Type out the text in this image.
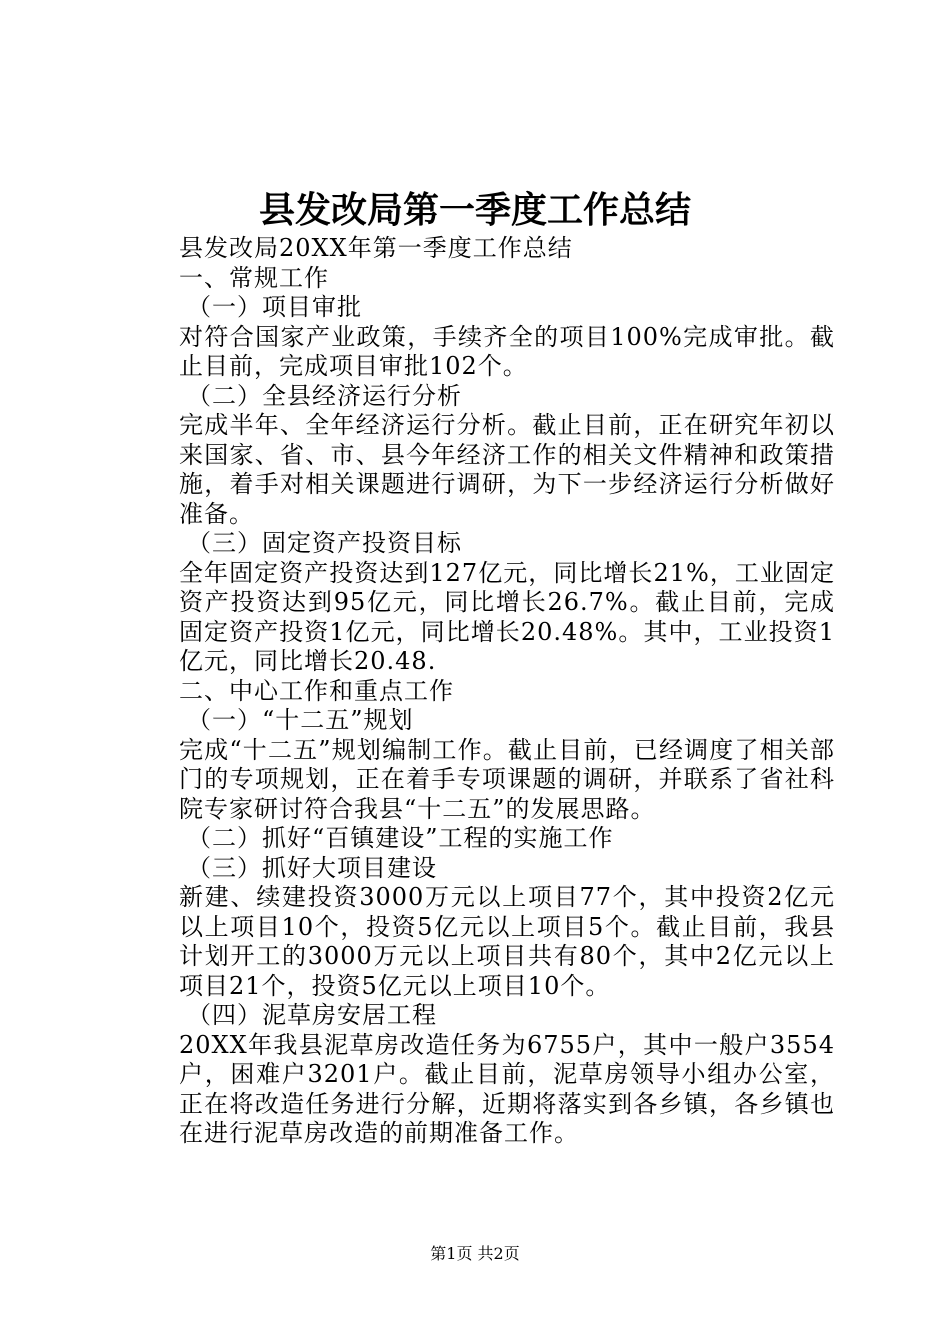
县发改局第一季度工作总结

县发改局20XX年第一季度工作总结

一、常规工作

（一）项目审批

对符合国家产业政策，手续齐全的项目100%完成审批。截止目前，完成项目审批102个。

（二）全县经济运行分析

完成半年、全年经济运行分析。截止目前，正在研究年初以来国家、省、市、县今年经济工作的相关文件精神和政策措施，着手对相关课题进行调研，为下一步经济运行分析做好准备。

（三）固定资产投资目标

全年固定资产投资达到127亿元，同比增长21%，工业固定资产投资达到95亿元，同比增长26.7%。截止目前，完成固定资产投资1亿元，同比增长20.48%。其中，工业投资1亿元，同比增长20.48.

二、中心工作和重点工作

（一）“十二五”规划

完成“十二五”规划编制工作。截止目前，已经调度了相关部门的专项规划，正在着手专项课题的调研，并联系了省社科院专家研讨符合我县“十二五”的发展思路。

（二）抓好“百镇建设”工程的实施工作

（三）抓好大项目建设

新建、续建投资3000万元以上项目77个，其中投资2亿元以上项目10个，投资5亿元以上项目5个。截止目前，我县计划开工的3000万元以上项目共有80个，其中2亿元以上项目21个，投资5亿元以上项目10个。

（四）泥草房安居工程

20XX年我县泥草房改造任务为6755户，其中一般户3554户，困难户3201户。截止目前，泥草房领导小组办公室，正在将改造任务进行分解，近期将落实到各乡镇，各乡镇也在进行泥草房改造的前期准备工作。

第1页 共2页
